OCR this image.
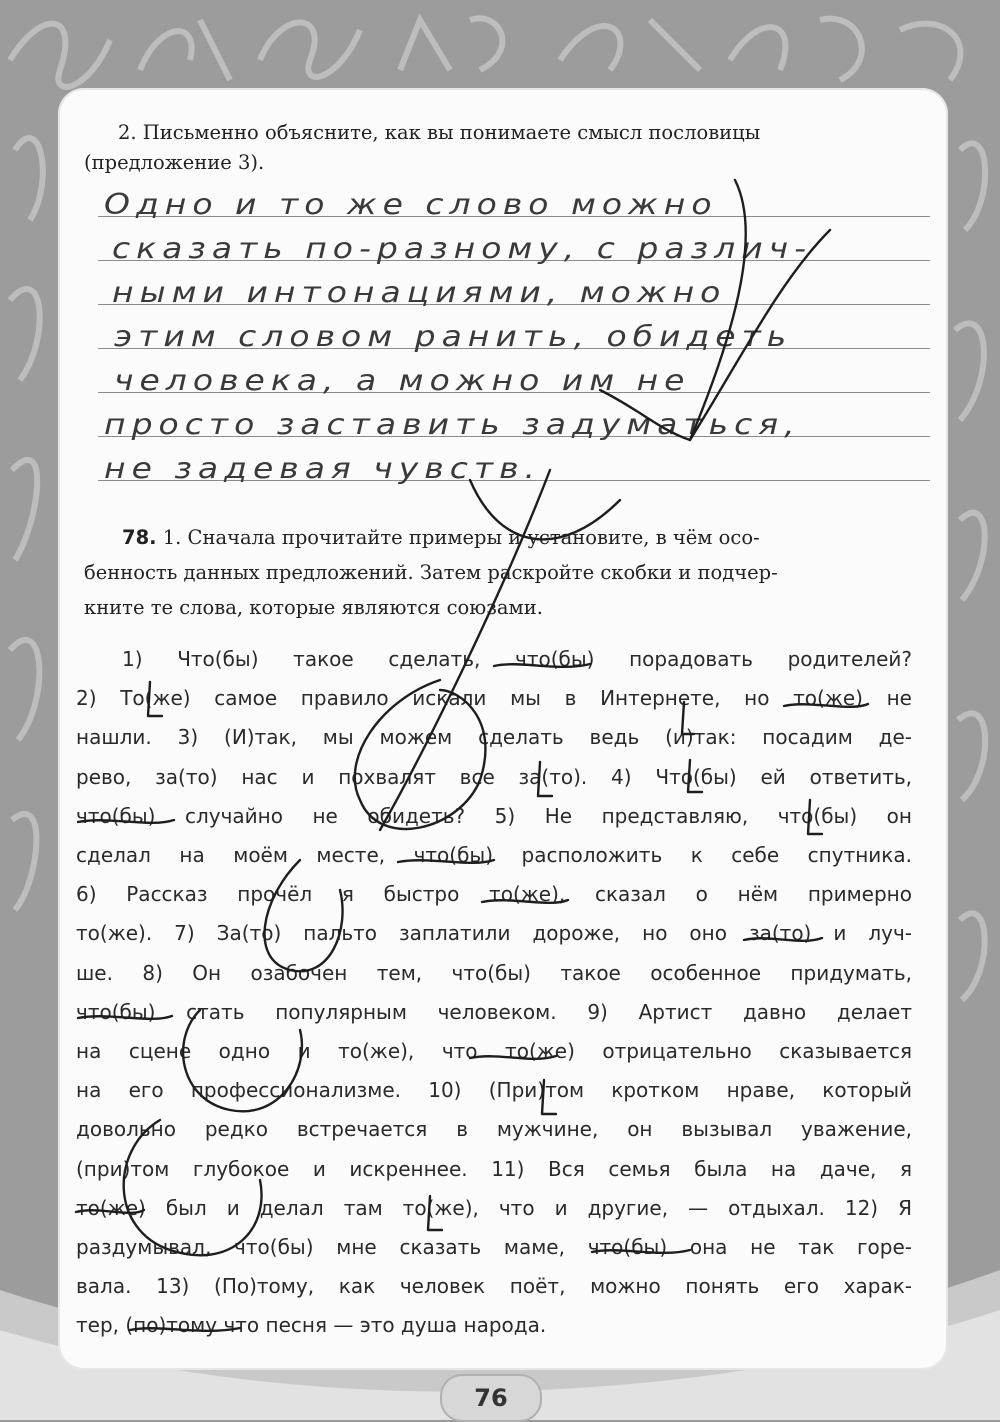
2. Письменно объясните, как вы понимаете смысл пословицы
(предложение 3).
Одно и то же слово можно
сказать по-разному, с различ-
ными интонациями, можно
этим словом ранить, обидеть
человека, а можно им не
просто заставить задуматься,
не задевая чувств.
78. 1. Сначала прочитайте примеры и установите, в чём осо-
бенность данных предложений. Затем раскройте скобки и подчер-
кните те слова, которые являются союзами.
1) Что(бы) такое сделать, что(бы) порадовать родителей?
2) То(же) самое правило искали мы в Интернете, но то(же) не
нашли. 3) (И)так, мы можем сделать ведь (и)так: посадим де-
рево, за(то) нас и похвалят все за(то). 4) Что(бы) ей ответить,
что(бы) случайно не обидеть? 5) Не представляю, что(бы) он
сделал на моём месте, что(бы) расположить к себе спутника.
6) Рассказ прочёл я быстро то(же), сказал о нём примерно
то(же). 7) За(то) пальто заплатили дороже, но оно за(то) и луч-
ше. 8) Он озабочен тем, что(бы) такое особенное придумать,
что(бы) стать популярным человеком. 9) Артист давно делает
на сцене одно и то(же), что то(же) отрицательно сказывается
на его профессионализме. 10) (При)том кротком нраве, который
довольно редко встречается в мужчине, он вызывал уважение,
(при)том глубокое и искреннее. 11) Вся семья была на даче, я
то(же) был и делал там то(же), что и другие, — отдыхал. 12) Я
раздумывал, что(бы) мне сказать маме, что(бы) она не так горе-
вала. 13) (По)тому, как человек поёт, можно понять его харак-
тер, (по)тому что песня — это душа народа.
76
